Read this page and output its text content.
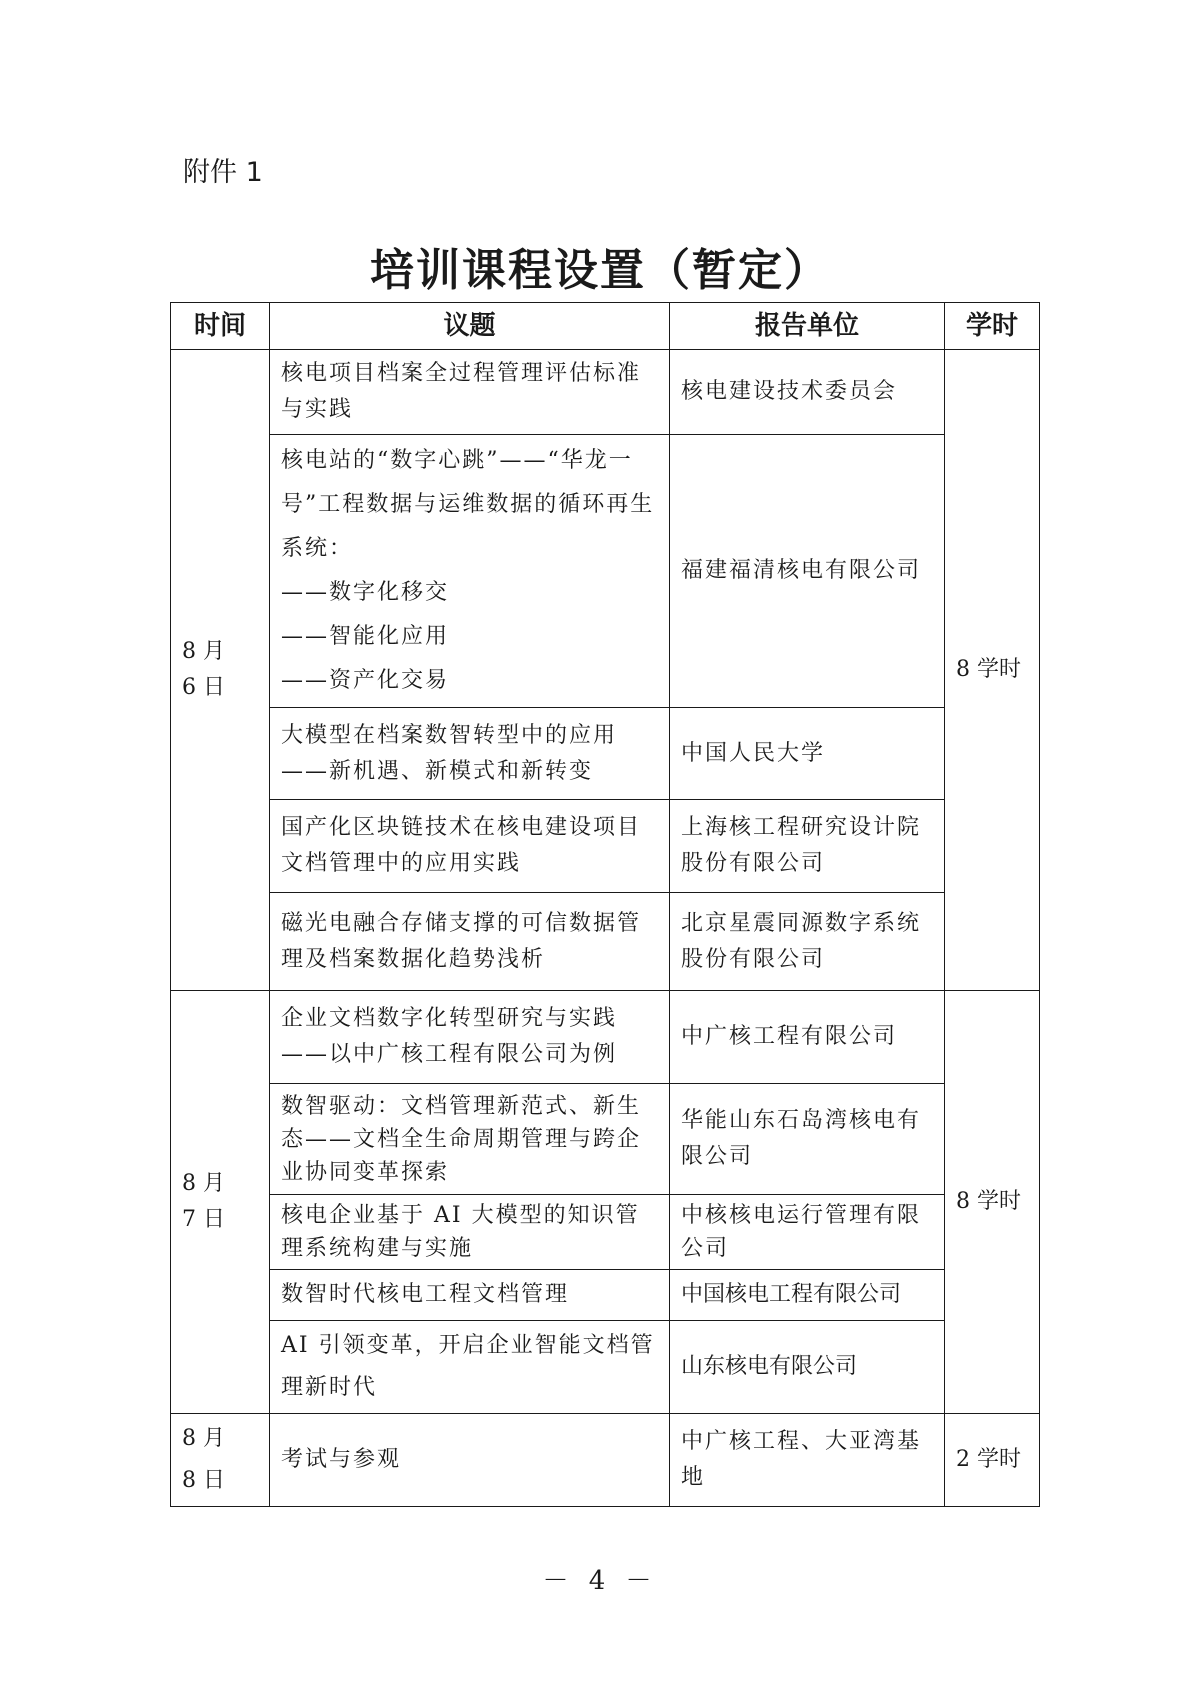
附件 1
培训课程设置（暂定）
时间	议题	报告单位	学时

8 月
6 日	核电项目档案全过程管理评估标准与实践	核电建设技术委员会	8 学时
	核电站的“数字心跳”——“华龙一号”工程数据与运维数据的循环再生系统：
——数字化移交
——智能化应用
——资产化交易	福建福清核电有限公司	
	大模型在档案数智转型中的应用——新机遇、新模式和新转变	中国人民大学	
	国产化区块链技术在核电建设项目文档管理中的应用实践	上海核工程研究设计院股份有限公司	
	磁光电融合存储支撑的可信数据管理及档案数据化趋势浅析	北京星震同源数字系统股份有限公司	

8 月
7 日	企业文档数字化转型研究与实践——以中广核工程有限公司为例	中广核工程有限公司	8 学时
	数智驱动：文档管理新范式、新生态——文档全生命周期管理与跨企业协同变革探索	华能山东石岛湾核电有限公司	
	核电企业基于 AI 大模型的知识管理系统构建与实施	中核核电运行管理有限公司	
	数智时代核电工程文档管理	中国核电工程有限公司	
	AI 引领变革，开启企业智能文档管理新时代	山东核电有限公司	

8 月
8 日	考试与参观	中广核工程、大亚湾基地	2 学时
－ 4 －
